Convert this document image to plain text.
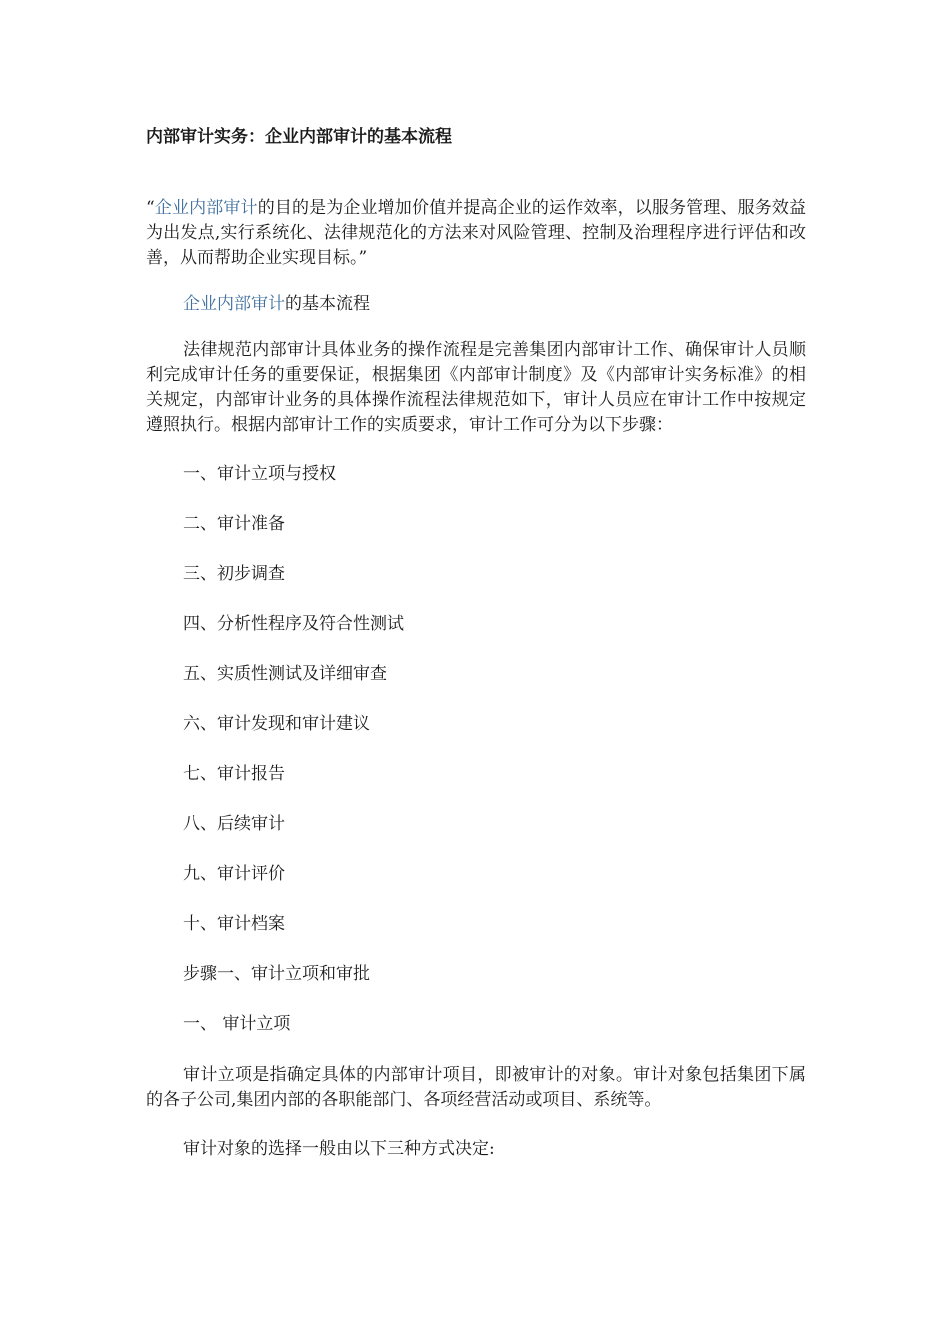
内部审计实务：企业内部审计的基本流程

“企业内部审计的目的是为企业增加价值并提高企业的运作效率，以服务管理、服务效益为出发点,实行系统化、法律规范化的方法来对风险管理、控制及治理程序进行评估和改善，从而帮助企业实现目标。”

企业内部审计的基本流程

法律规范内部审计具体业务的操作流程是完善集团内部审计工作、确保审计人员顺利完成审计任务的重要保证，根据集团《内部审计制度》及《内部审计实务标准》的相关规定，内部审计业务的具体操作流程法律规范如下，审计人员应在审计工作中按规定遵照执行。根据内部审计工作的实质要求，审计工作可分为以下步骤：

一、审计立项与授权

二、审计准备

三、初步调查

四、分析性程序及符合性测试

五、实质性测试及详细审查

六、审计发现和审计建议

七、审计报告

八、后续审计

九、审计评价

十、审计档案

步骤一、审计立项和审批

一、 审计立项

审计立项是指确定具体的内部审计项目，即被审计的对象。审计对象包括集团下属的各子公司,集团内部的各职能部门、各项经营活动或项目、系统等。

审计对象的选择一般由以下三种方式决定:
